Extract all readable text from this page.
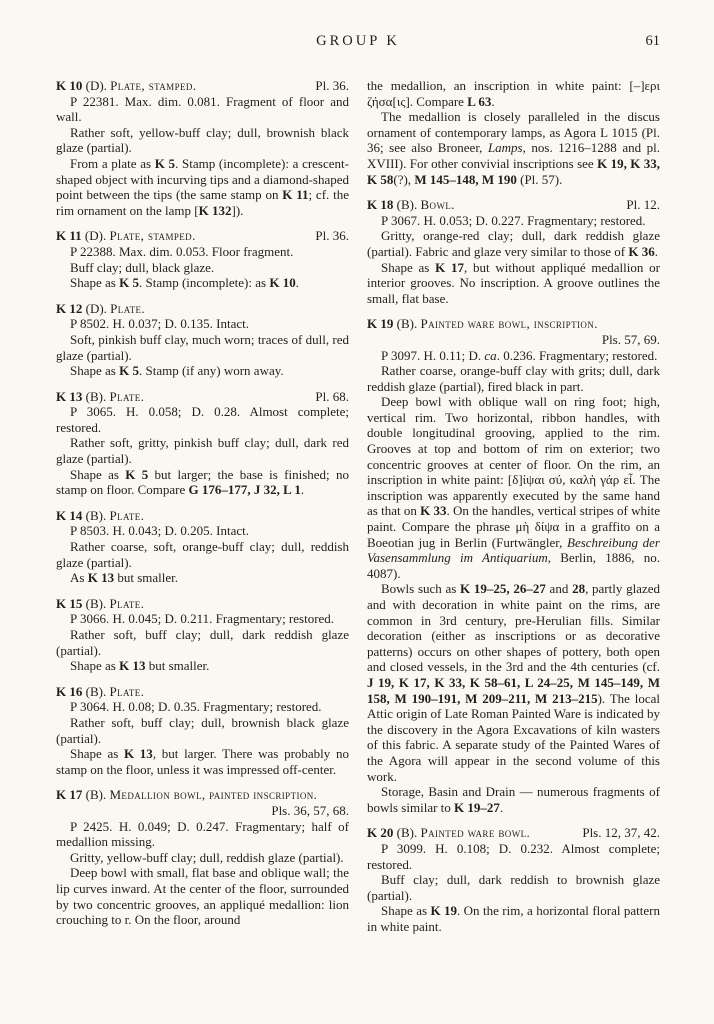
GROUP K	61
K 10 (D). Plate, stamped.	Pl. 36.

P 22381. Max. dim. 0.081. Fragment of floor and wall.

Rather soft, yellow-buff clay; dull, brownish black glaze (partial).

From a plate as K 5. Stamp (incomplete): a crescent-shaped object with incurving tips and a diamond-shaped point between the tips (the same stamp on K 11; cf. the rim ornament on the lamp [K 132]).

K 11 (D). Plate, stamped.	Pl. 36.

P 22388. Max. dim. 0.053. Floor fragment.

Buff clay; dull, black glaze.

Shape as K 5. Stamp (incomplete): as K 10.

K 12 (D). Plate.

P 8502. H. 0.037; D. 0.135. Intact.

Soft, pinkish buff clay, much worn; traces of dull, red glaze (partial).

Shape as K 5. Stamp (if any) worn away.

K 13 (B). Plate.	Pl. 68.

P 3065. H. 0.058; D. 0.28. Almost complete; restored.

Rather soft, gritty, pinkish buff clay; dull, dark red glaze (partial).

Shape as K 5 but larger; the base is finished; no stamp on floor. Compare G 176–177, J 32, L 1.

K 14 (B). Plate.

P 8503. H. 0.043; D. 0.205. Intact.

Rather coarse, soft, orange-buff clay; dull, reddish glaze (partial).

As K 13 but smaller.

K 15 (B). Plate.

P 3066. H. 0.045; D. 0.211. Fragmentary; restored.

Rather soft, buff clay; dull, dark reddish glaze (partial).

Shape as K 13 but smaller.

K 16 (B). Plate.

P 3064. H. 0.08; D. 0.35. Fragmentary; restored.

Rather soft, buff clay; dull, brownish black glaze (partial).

Shape as K 13, but larger. There was probably no stamp on the floor, unless it was impressed off-center.

K 17 (B). Medallion bowl, painted inscription.
Pls. 36, 57, 68.

P 2425. H. 0.049; D. 0.247. Fragmentary; half of medallion missing.

Gritty, yellow-buff clay; dull, reddish glaze (partial).

Deep bowl with small, flat base and oblique wall; the lip curves inward. At the center of the floor, surrounded by two concentric grooves, an appliqué medallion: lion crouching to r. On the floor, around

the medallion, an inscription in white paint: [–]ερι ζήσα[ις]. Compare L 63.

The medallion is closely paralleled in the discus ornament of contemporary lamps, as Agora L 1015 (Pl. 36; see also Broneer, Lamps, nos. 1216–1288 and pl. XVIII). For other convivial inscriptions see K 19, K 33, K 58(?), M 145–148, M 190 (Pl. 57).

K 18 (B). Bowl.	Pl. 12.

P 3067. H. 0.053; D. 0.227. Fragmentary; restored.

Gritty, orange-red clay; dull, dark reddish glaze (partial). Fabric and glaze very similar to those of K 36.

Shape as K 17, but without appliqué medallion or interior grooves. No inscription. A groove outlines the small, flat base.

K 19 (B). Painted ware bowl, inscription.
Pls. 57, 69.

P 3097. H. 0.11; D. ca. 0.236. Fragmentary; restored.

Rather coarse, orange-buff clay with grits; dull, dark reddish glaze (partial), fired black in part.

Deep bowl with oblique wall on ring foot; high, vertical rim. Two horizontal, ribbon handles, with double longitudinal grooving, applied to the rim. Grooves at top and bottom of rim on exterior; two concentric grooves at center of floor. On the rim, an inscription in white paint: [δ]ίψαι σύ, καλὴ γάρ εἶ. The inscription was apparently executed by the same hand as that on K 33. On the handles, vertical stripes of white paint. Compare the phrase μὴ δίψα in a graffito on a Boeotian jug in Berlin (Furtwängler, Beschreibung der Vasensammlung im Antiquarium, Berlin, 1886, no. 4087).

Bowls such as K 19–25, 26–27 and 28, partly glazed and with decoration in white paint on the rims, are common in 3rd century, pre-Herulian fills. Similar decoration (either as inscriptions or as decorative patterns) occurs on other shapes of pottery, both open and closed vessels, in the 3rd and the 4th centuries (cf. J 19, K 17, K 33, K 58–61, L 24–25, M 145–149, M 158, M 190–191, M 209–211, M 213–215). The local Attic origin of Late Roman Painted Ware is indicated by the discovery in the Agora Excavations of kiln wasters of this fabric. A separate study of the Painted Wares of the Agora will appear in the second volume of this work.

Storage, Basin and Drain — numerous fragments of bowls similar to K 19–27.

K 20 (B). Painted ware bowl.	Pls. 12, 37, 42.

P 3099. H. 0.108; D. 0.232. Almost complete; restored.

Buff clay; dull, dark reddish to brownish glaze (partial).

Shape as K 19. On the rim, a horizontal floral pattern in white paint.
